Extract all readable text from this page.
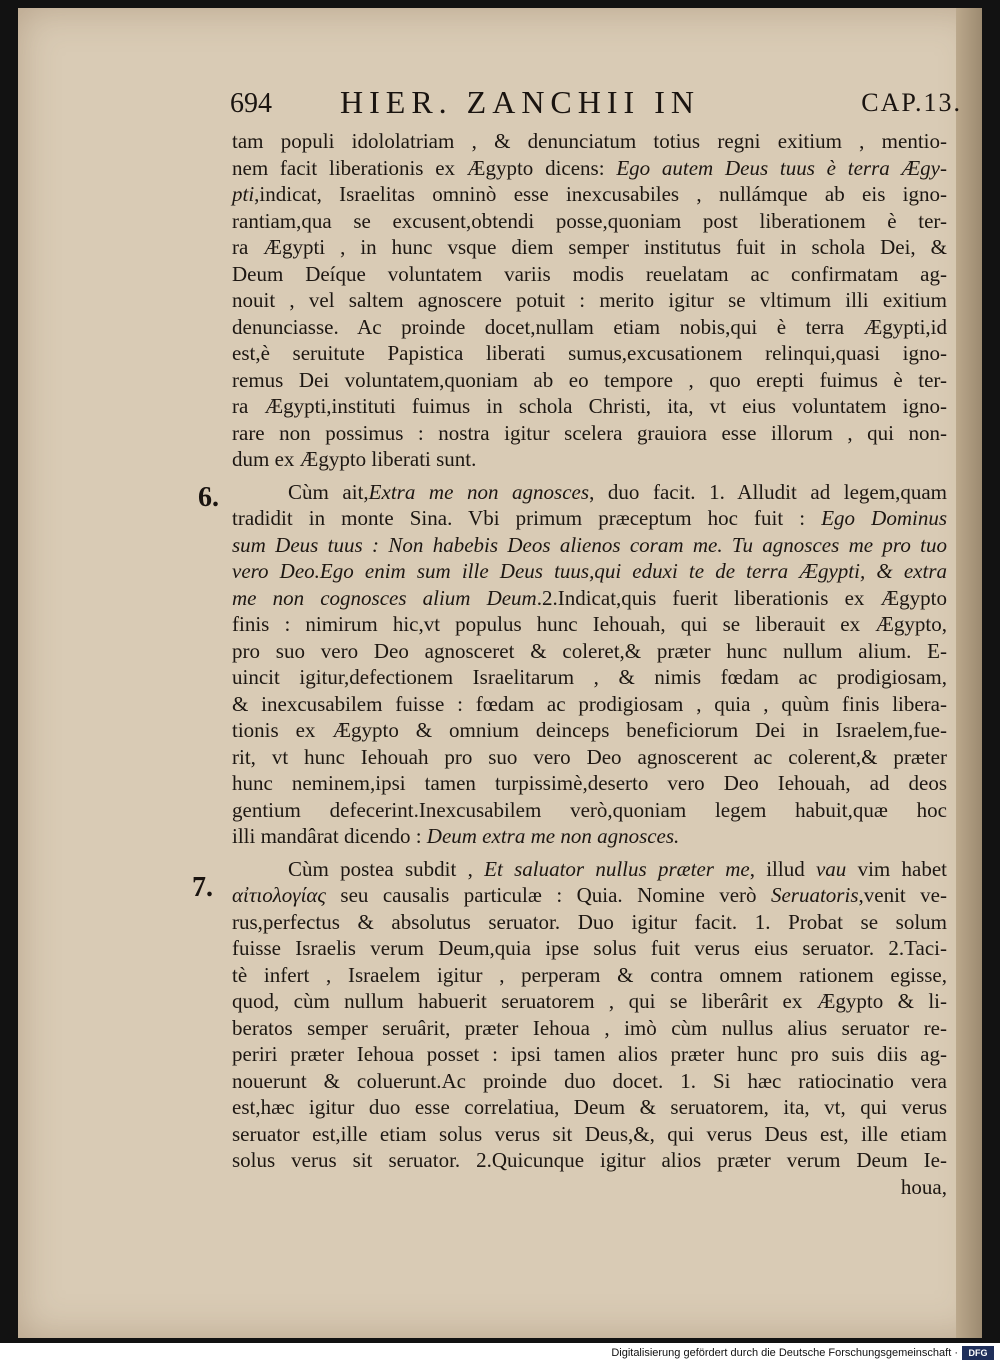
694 HIER. ZANCHII IN	CAP.13.
6.
7.
tam populi idololatriam , & denunciatum totius regni exitium , mentio-
nem facit liberationis ex Ægypto dicens: Ego autem Deus tuus è terra Ægy-
pti,indicat, Israelitas omninò esse inexcusabiles , nullámque ab eis igno-
rantiam,qua se excusent,obtendi posse,quoniam post liberationem è ter-
ra Ægypti , in hunc vsque diem semper institutus fuit in schola Dei, &
Deum Deíque voluntatem variis modis reuelatam ac confirmatam ag-
nouit , vel saltem agnoscere potuit : merito igitur se vltimum illi exitium
denunciasse. Ac proinde docet,nullam etiam nobis,qui è terra Ægypti,id
est,è seruitute Papistica liberati sumus,excusationem relinqui,quasi igno-
remus Dei voluntatem,quoniam ab eo tempore , quo erepti fuimus è ter-
ra Ægypti,instituti fuimus in schola Christi, ita, vt eius voluntatem igno-
rare non possimus : nostra igitur scelera grauiora esse illorum , qui non-
dum ex Ægypto liberati sunt.
Cùm ait,Extra me non agnosces, duo facit. 1. Alludit ad legem,quam
tradidit in monte Sina. Vbi primum præceptum hoc fuit : Ego Dominus
sum Deus tuus : Non habebis Deos alienos coram me. Tu agnosces me pro tuo
vero Deo.Ego enim sum ille Deus tuus,qui eduxi te de terra Ægypti, & extra
me non cognosces alium Deum.2.Indicat,quis fuerit liberationis ex Ægypto
finis : nimirum hic,vt populus hunc Iehouah, qui se liberauit ex Ægypto,
pro suo vero Deo agnosceret & coleret,& præter hunc nullum alium. E-
uincit igitur,defectionem Israelitarum , & nimis fœdam ac prodigiosam,
& inexcusabilem fuisse : fœdam ac prodigiosam , quia , quùm finis libera-
tionis ex Ægypto & omnium deinceps beneficiorum Dei in Israelem,fue-
rit, vt hunc Iehouah pro suo vero Deo agnoscerent ac colerent,& præter
hunc neminem,ipsi tamen turpissimè,deserto vero Deo Iehouah, ad deos
gentium defecerint.Inexcusabilem verò,quoniam legem habuit,quæ hoc
illi mandârat dicendo : Deum extra me non agnosces.
Cùm postea subdit , Et saluator nullus præter me, illud vau vim habet
αἰτιολογίας seu causalis particulæ : Quia. Nomine verò Seruatoris,venit ve-
rus,perfectus & absolutus seruator. Duo igitur facit. 1. Probat se solum
fuisse Israelis verum Deum,quia ipse solus fuit verus eius seruator. 2.Taci-
tè infert , Israelem igitur , perperam & contra omnem rationem egisse,
quod, cùm nullum habuerit seruatorem , qui se liberârit ex Ægypto & li-
beratos semper seruârit, præter Iehoua , imò cùm nullus alius seruator re-
periri præter Iehoua posset : ipsi tamen alios præter hunc pro suis diis ag-
nouerunt & coluerunt.Ac proinde duo docet. 1. Si hæc ratiocinatio vera
est,hæc igitur duo esse correlatiua, Deum & seruatorem, ita, vt, qui verus
seruator est,ille etiam solus verus sit Deus,&, qui verus Deus est, ille etiam
solus verus sit seruator. 2.Quicunque igitur alios præter verum Deum Ie-
houa,
Digitalisierung gefördert durch die Deutsche Forschungsgemeinschaft ·	DFG
